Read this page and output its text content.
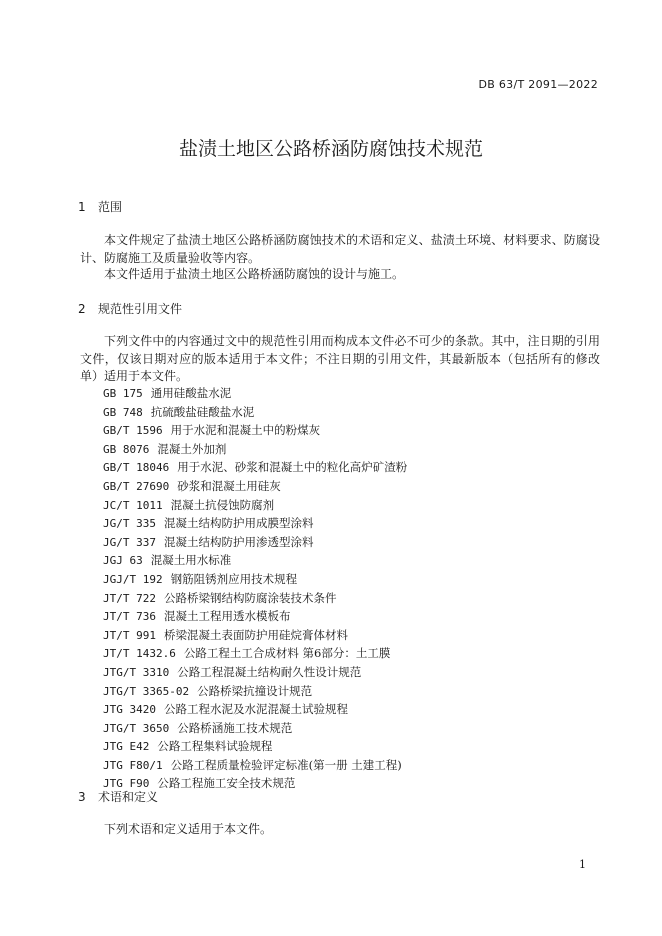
DB 63/T 2091—2022
盐渍土地区公路桥涵防腐蚀技术规范
1 范围
本文件规定了盐渍土地区公路桥涵防腐蚀技术的术语和定义、盐渍土环境、材料要求、防腐设计、防腐施工及质量验收等内容。
本文件适用于盐渍土地区公路桥涵防腐蚀的设计与施工。
2 规范性引用文件
下列文件中的内容通过文中的规范性引用而构成本文件必不可少的条款。其中，注日期的引用文件，仅该日期对应的版本适用于本文件；不注日期的引用文件，其最新版本（包括所有的修改单）适用于本文件。
GB 175 通用硅酸盐水泥
GB 748 抗硫酸盐硅酸盐水泥
GB/T 1596 用于水泥和混凝土中的粉煤灰
GB 8076 混凝土外加剂
GB/T 18046 用于水泥、砂浆和混凝土中的粒化高炉矿渣粉
GB/T 27690 砂浆和混凝土用硅灰
JC/T 1011 混凝土抗侵蚀防腐剂
JG/T 335 混凝土结构防护用成膜型涂料
JG/T 337 混凝土结构防护用渗透型涂料
JGJ 63 混凝土用水标准
JGJ/T 192 钢筋阻锈剂应用技术规程
JT/T 722 公路桥梁钢结构防腐涂装技术条件
JT/T 736 混凝土工程用透水模板布
JT/T 991 桥梁混凝土表面防护用硅烷膏体材料
JT/T 1432.6 公路工程土工合成材料 第6部分：土工膜
JTG/T 3310 公路工程混凝土结构耐久性设计规范
JTG/T 3365-02 公路桥梁抗撞设计规范
JTG 3420 公路工程水泥及水泥混凝土试验规程
JTG/T 3650 公路桥涵施工技术规范
JTG E42 公路工程集料试验规程
JTG F80/1 公路工程质量检验评定标准(第一册 土建工程)
JTG F90 公路工程施工安全技术规范
3 术语和定义
下列术语和定义适用于本文件。
1
